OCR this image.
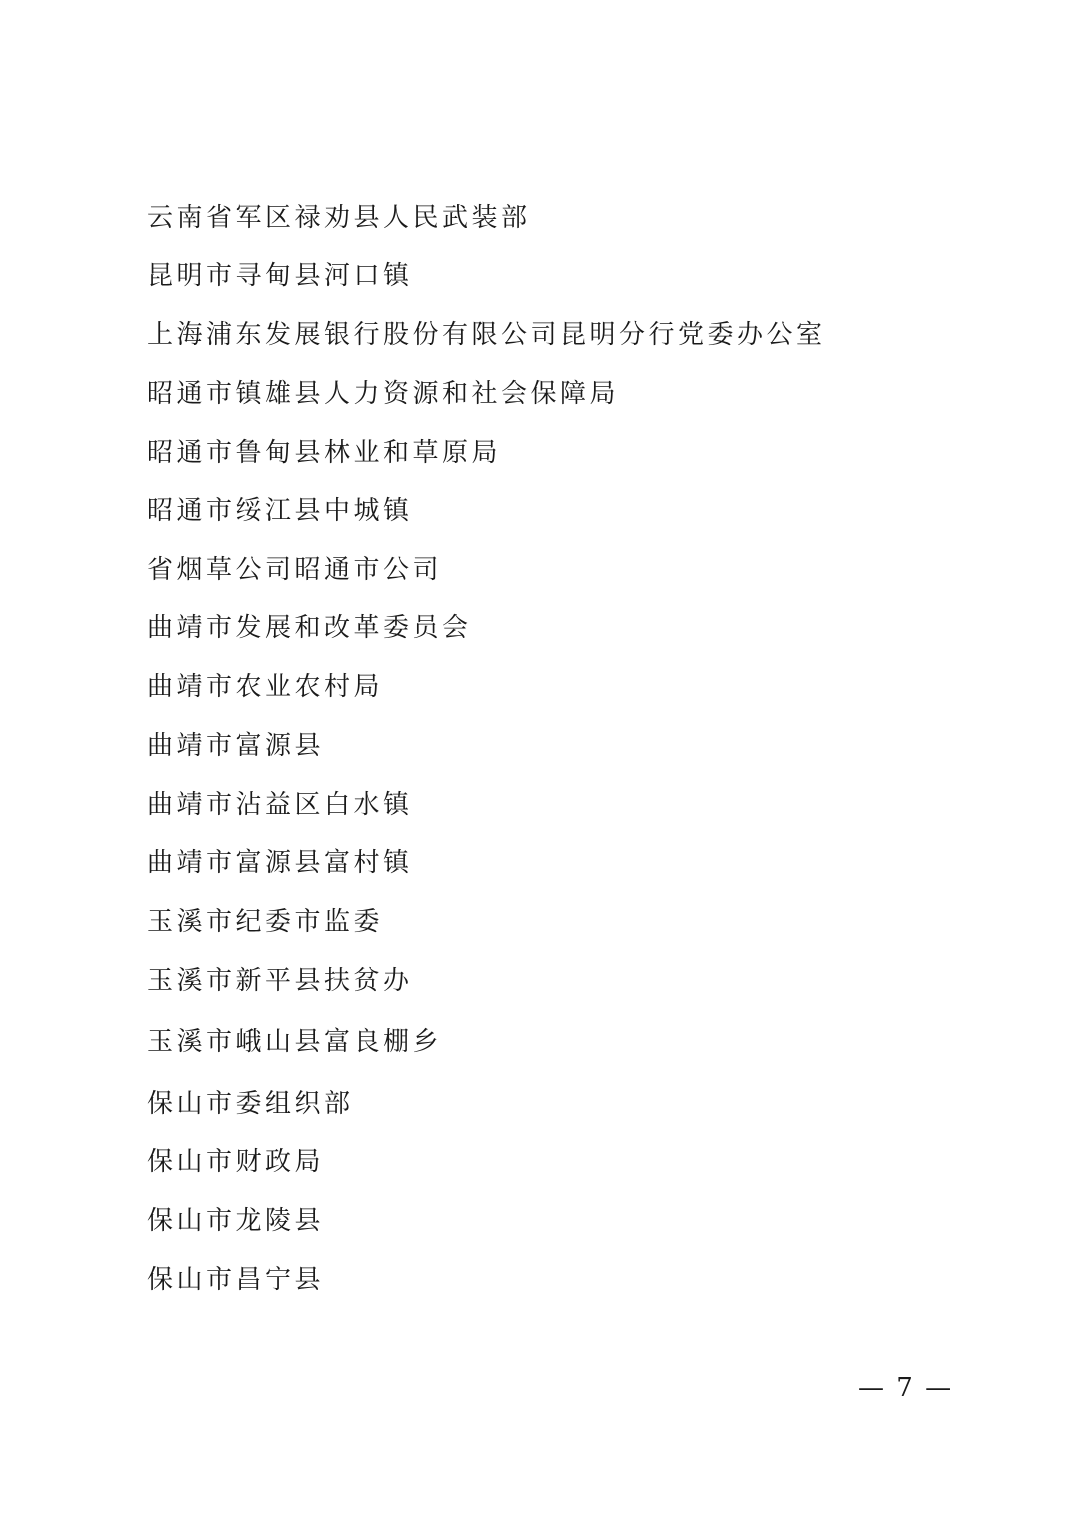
云南省军区禄劝县人民武装部
昆明市寻甸县河口镇
上海浦东发展银行股份有限公司昆明分行党委办公室
昭通市镇雄县人力资源和社会保障局
昭通市鲁甸县林业和草原局
昭通市绥江县中城镇
省烟草公司昭通市公司
曲靖市发展和改革委员会
曲靖市农业农村局
曲靖市富源县
曲靖市沾益区白水镇
曲靖市富源县富村镇
玉溪市纪委市监委
玉溪市新平县扶贫办
玉溪市峨山县富良棚乡
保山市委组织部
保山市财政局
保山市龙陵县
保山市昌宁县
— 7 —
